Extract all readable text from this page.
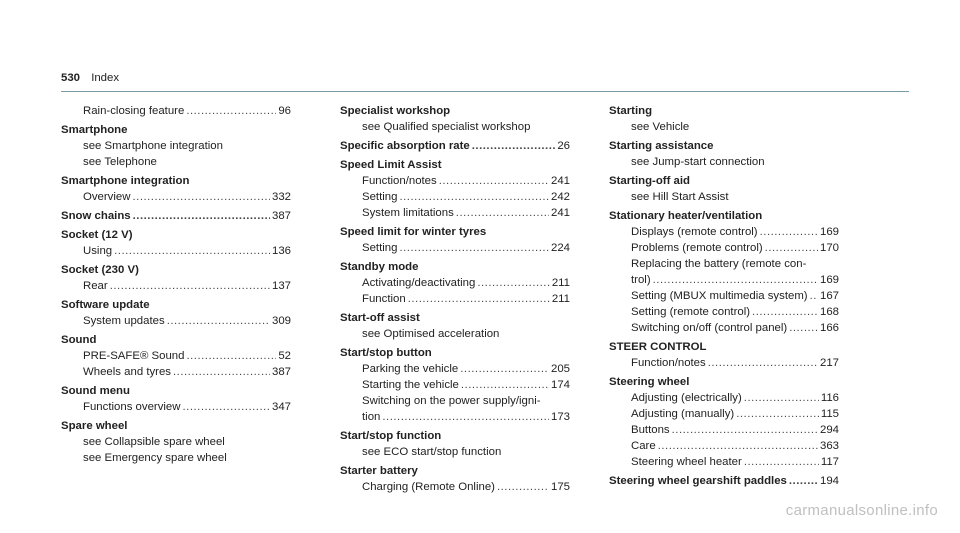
530 Index
Rain-closing feature .....	96
Smartphone
see Smartphone integration
see Telephone
Smartphone integration
Overview .....	332
Snow chains .....	387
Socket (12 V)
Using .....	136
Socket (230 V)
Rear .....	137
Software update
System updates .....	309
Sound
PRE-SAFE® Sound .....	52
Wheels and tyres .....	387
Sound menu
Functions overview .....	347
Spare wheel
see Collapsible spare wheel
see Emergency spare wheel
Specialist workshop
see Qualified specialist workshop
Specific absorption rate .....	26
Speed Limit Assist
Function/notes .....	241
Setting .....	242
System limitations .....	241
Speed limit for winter tyres
Setting .....	224
Standby mode
Activating/deactivating .....	211
Function .....	211
Start-off assist
see Optimised acceleration
Start/stop button
Parking the vehicle .....	205
Starting the vehicle .....	174
Switching on the power supply/igni-
tion .....	173
Start/stop function
see ECO start/stop function
Starter battery
Charging (Remote Online) .....	175
Starting
see Vehicle
Starting assistance
see Jump-start connection
Starting-off aid
see Hill Start Assist
Stationary heater/ventilation
Displays (remote control) .....	169
Problems (remote control) .....	170
Replacing the battery (remote con-
trol) .....	169
Setting (MBUX multimedia system) ..... 167
Setting (remote control) .....	168
Switching on/off (control panel) .....	166
STEER CONTROL
Function/notes .....	217
Steering wheel
Adjusting (electrically) .....	116
Adjusting (manually) .....	115
Buttons .....	294
Care .....	363
Steering wheel heater .....	117
Steering wheel gearshift paddles .....	194
carmanualsonline.info
